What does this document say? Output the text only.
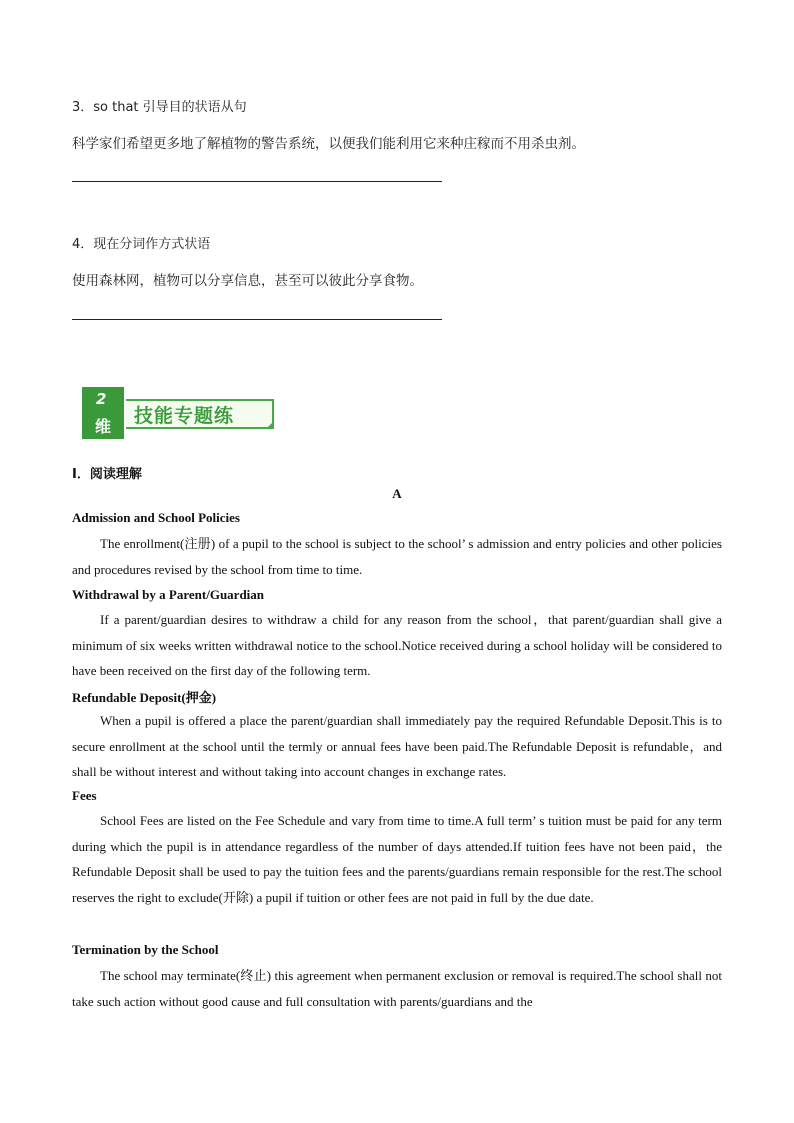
3．so that 引导目的状语从句
科学家们希望更多地了解植物的警告系统，以便我们能利用它来种庄稼而不用杀虫剂。
4．现在分词作方式状语
使用森林网，植物可以分享信息，甚至可以彼此分享食物。
2
维 技能专题练
I．阅读理解
A
Admission and School Policies

The enrollment(注册) of a pupil to the school is subject to the school’ s admission and entry policies and other policies and procedures revised by the school from time to time.

Withdrawal by a Parent/Guardian

If a parent/guardian desires to withdraw a child for any reason from the school，that parent/guardian shall give a minimum of six weeks written withdrawal notice to the school.Notice received during a school holiday will be considered to have been received on the first day of the following term.

Refundable Deposit(押金)

When a pupil is offered a place the parent/guardian shall immediately pay the required Refundable Deposit.This is to secure enrollment at the school until the termly or annual fees have been paid.The Refundable Deposit is refundable，and shall be without interest and without taking into account changes in exchange rates.

Fees

School Fees are listed on the Fee Schedule and vary from time to time.A full term’ s tuition must be paid for any term during which the pupil is in attendance regardless of the number of days attended.If tuition fees have not been paid，the Refundable Deposit shall be used to pay the tuition fees and the parents/guardians remain responsible for the rest.The school reserves the right to exclude(开除) a pupil if tuition or other fees are not paid in full by the due date.

Termination by the School

The school may terminate(终止) this agreement when permanent exclusion or removal is required.The school shall not take such action without good cause and full consultation with parents/guardians and the
